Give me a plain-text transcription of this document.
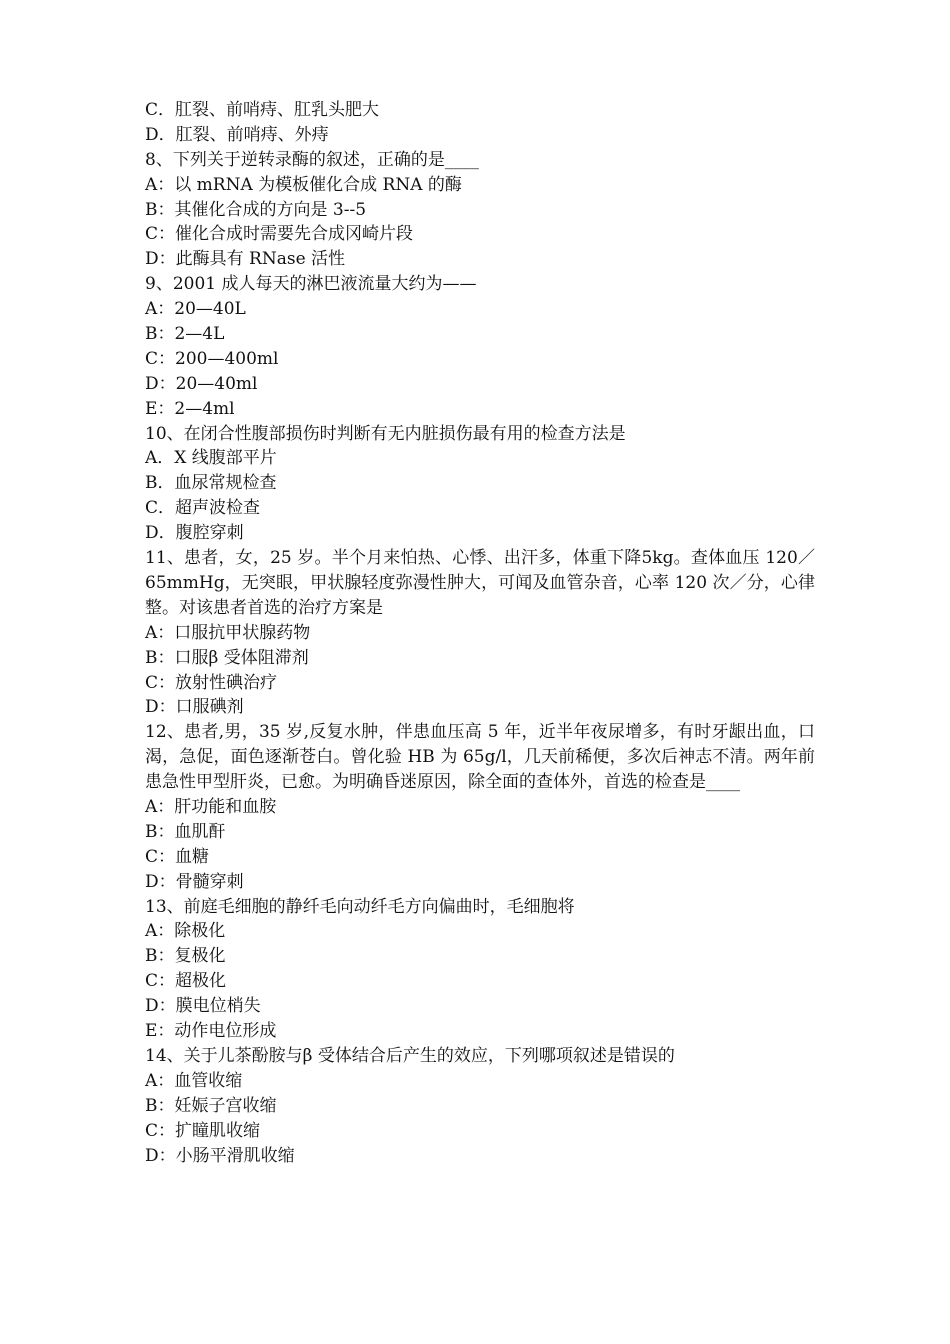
C．肛裂、前哨痔、肛乳头肥大
D．肛裂、前哨痔、外痔
8、下列关于逆转录酶的叙述，正确的是____
A：以 mRNA 为模板催化合成 RNA 的酶
B：其催化合成的方向是 3--5
C：催化合成时需要先合成冈崎片段
D：此酶具有 RNase 活性
9、2001 成人每天的淋巴液流量大约为——
A：20—40L
B：2—4L
C：200—400ml
D：20—40ml
E：2—4ml
10、在闭合性腹部损伤时判断有无内脏损伤最有用的检查方法是
A．X 线腹部平片
B．血尿常规检查
C．超声波检查
D．腹腔穿刺
11、患者，女，25 岁。半个月来怕热、心悸、出汗多，体重下降5kg。查体血压 120／65mmHg，无突眼，甲状腺轻度弥漫性肿大，可闻及血管杂音，心率 120 次／分，心律整。对该患者首选的治疗方案是
A：口服抗甲状腺药物
B：口服β 受体阻滞剂
C：放射性碘治疗
D：口服碘剂
12、患者,男，35 岁,反复水肿，伴患血压高 5 年，近半年夜尿增多，有时牙龈出血，口渴，急促，面色逐渐苍白。曾化验 HB 为 65g/l，几天前稀便，多次后神志不清。两年前患急性甲型肝炎，已愈。为明确昏迷原因，除全面的查体外，首选的检查是____
A：肝功能和血胺
B：血肌酐
C：血糖
D：骨髓穿刺
13、前庭毛细胞的静纤毛向动纤毛方向偏曲时，毛细胞将
A：除极化
B：复极化
C：超极化
D：膜电位梢失
E：动作电位形成
14、关于儿茶酚胺与β 受体结合后产生的效应，下列哪项叙述是错误的
A：血管收缩
B：妊娠子宫收缩
C：扩瞳肌收缩
D：小肠平滑肌收缩
